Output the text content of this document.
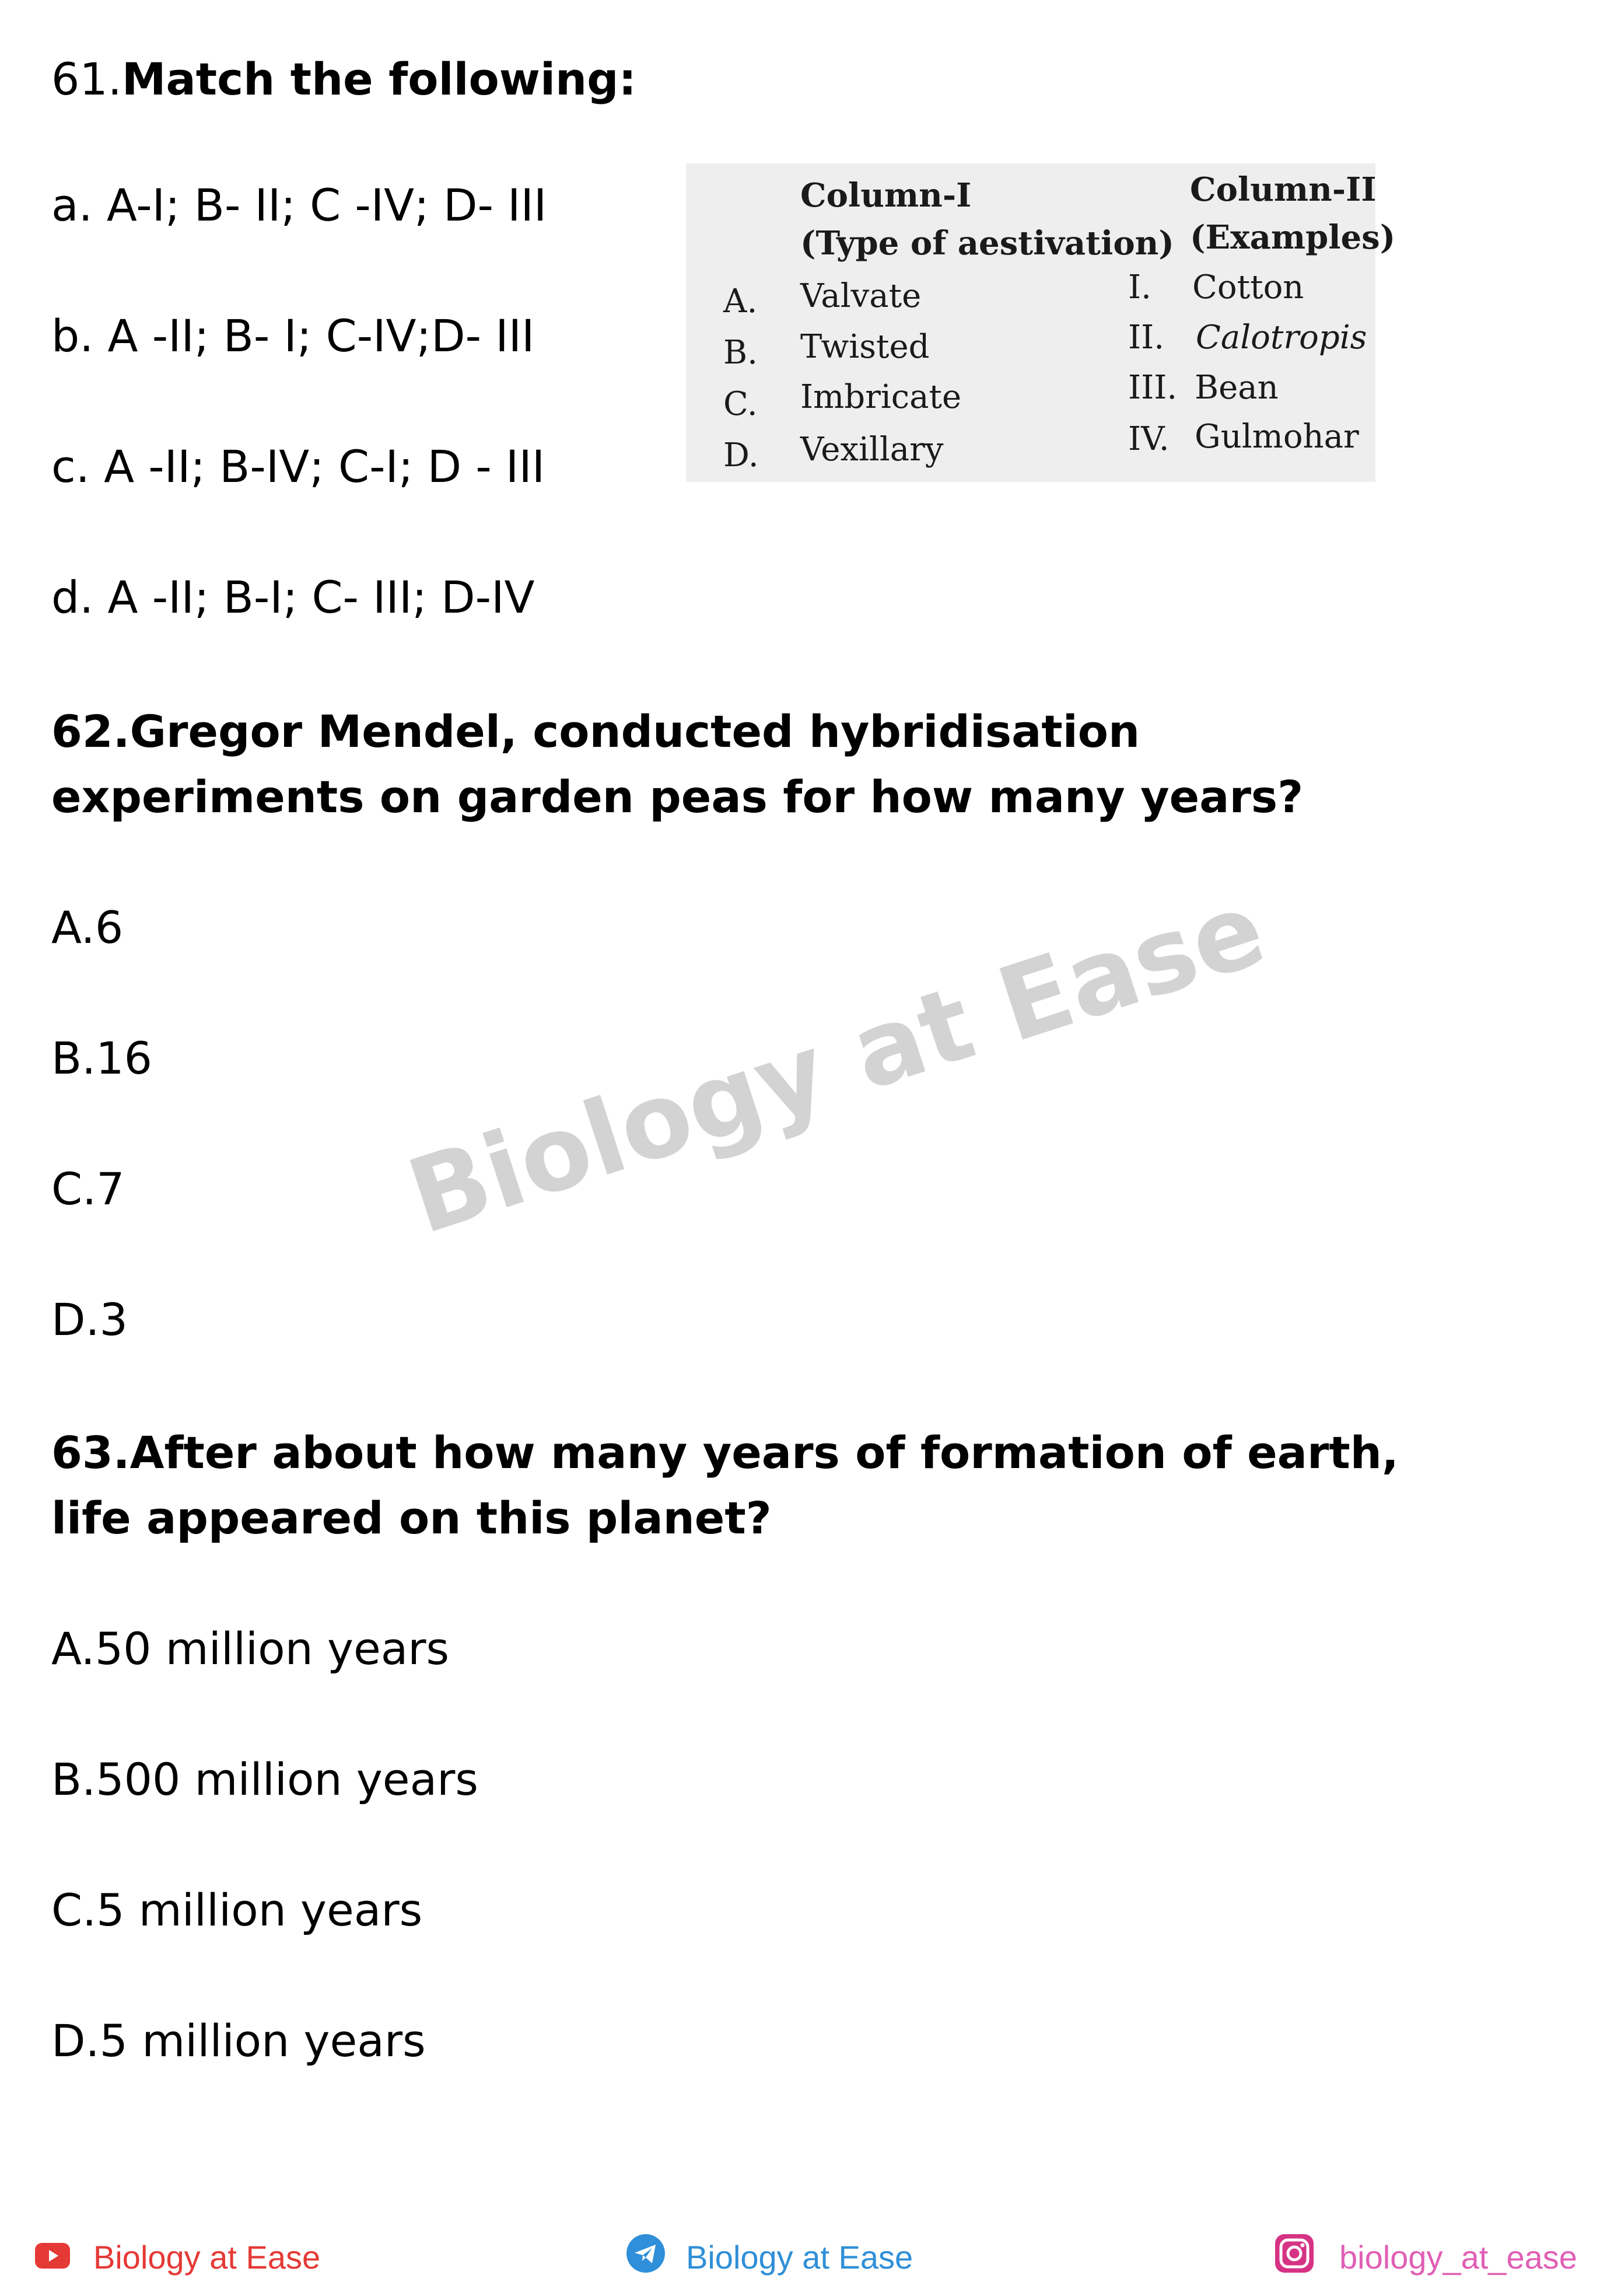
61.Match the following:

a. A-I; B- II; C -IV; D- III

b. A -II; B- I; C-IV;D- III

c. A -II; B-IV; C-I; D - III

d. A -II; B-I; C- III; D-IV

Column-I
(Type of aestivation)
Column-II
(Examples)
A. Valvate
B. Twisted
C. Imbricate
D. Vexillary
I. Cotton
II. Calotropis
III. Bean
IV. Gulmohar

62.Gregor Mendel, conducted hybridisation experiments on garden peas for how many years?

A.6

B.16

C.7

D.3

Biology at Ease

63.After about how many years of formation of earth, life appeared on this planet?

A.50 million years

B.500 million years

C.5 million years

D.5 million years

Biology at Ease	Biology at Ease	biology_at_ease
